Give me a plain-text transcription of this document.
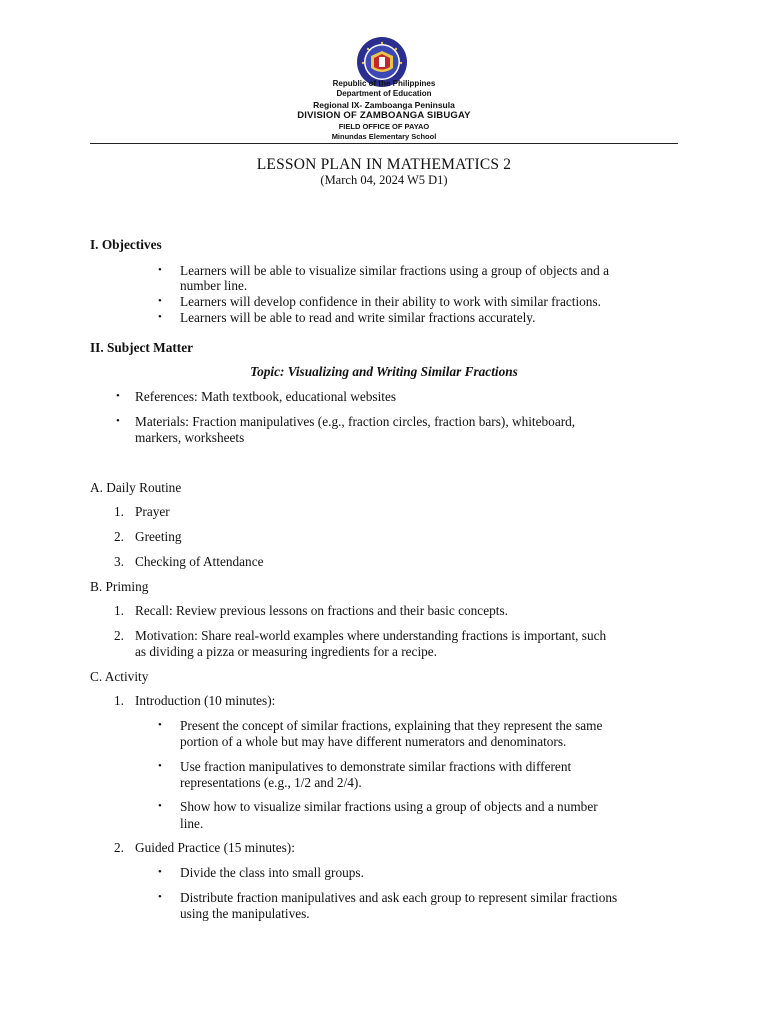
Republic of the Philippines
Department of Education
Regional IX- Zamboanga Peninsula
DIVISION OF ZAMBOANGA SIBUGAY
FIELD OFFICE OF PAYAO
Minundas Elementary School
LESSON PLAN IN MATHEMATICS 2
(March 04, 2024 W5 D1)
I. Objectives
• Learners will be able to visualize similar fractions using a group of objects and a
number line.
• Learners will develop confidence in their ability to work with similar fractions.
• Learners will be able to read and write similar fractions accurately.
II. Subject Matter
Topic: Visualizing and Writing Similar Fractions
• References: Math textbook, educational websites
• Materials: Fraction manipulatives (e.g., fraction circles, fraction bars), whiteboard,
markers, worksheets
A. Daily Routine
1. Prayer
2. Greeting
3. Checking of Attendance
B. Priming
1. Recall: Review previous lessons on fractions and their basic concepts.
2. Motivation: Share real-world examples where understanding fractions is important, such
as dividing a pizza or measuring ingredients for a recipe.
C. Activity
1. Introduction (10 minutes):
• Present the concept of similar fractions, explaining that they represent the same
portion of a whole but may have different numerators and denominators.
• Use fraction manipulatives to demonstrate similar fractions with different
representations (e.g., 1/2 and 2/4).
• Show how to visualize similar fractions using a group of objects and a number
line.
2. Guided Practice (15 minutes):
• Divide the class into small groups.
• Distribute fraction manipulatives and ask each group to represent similar fractions
using the manipulatives.
